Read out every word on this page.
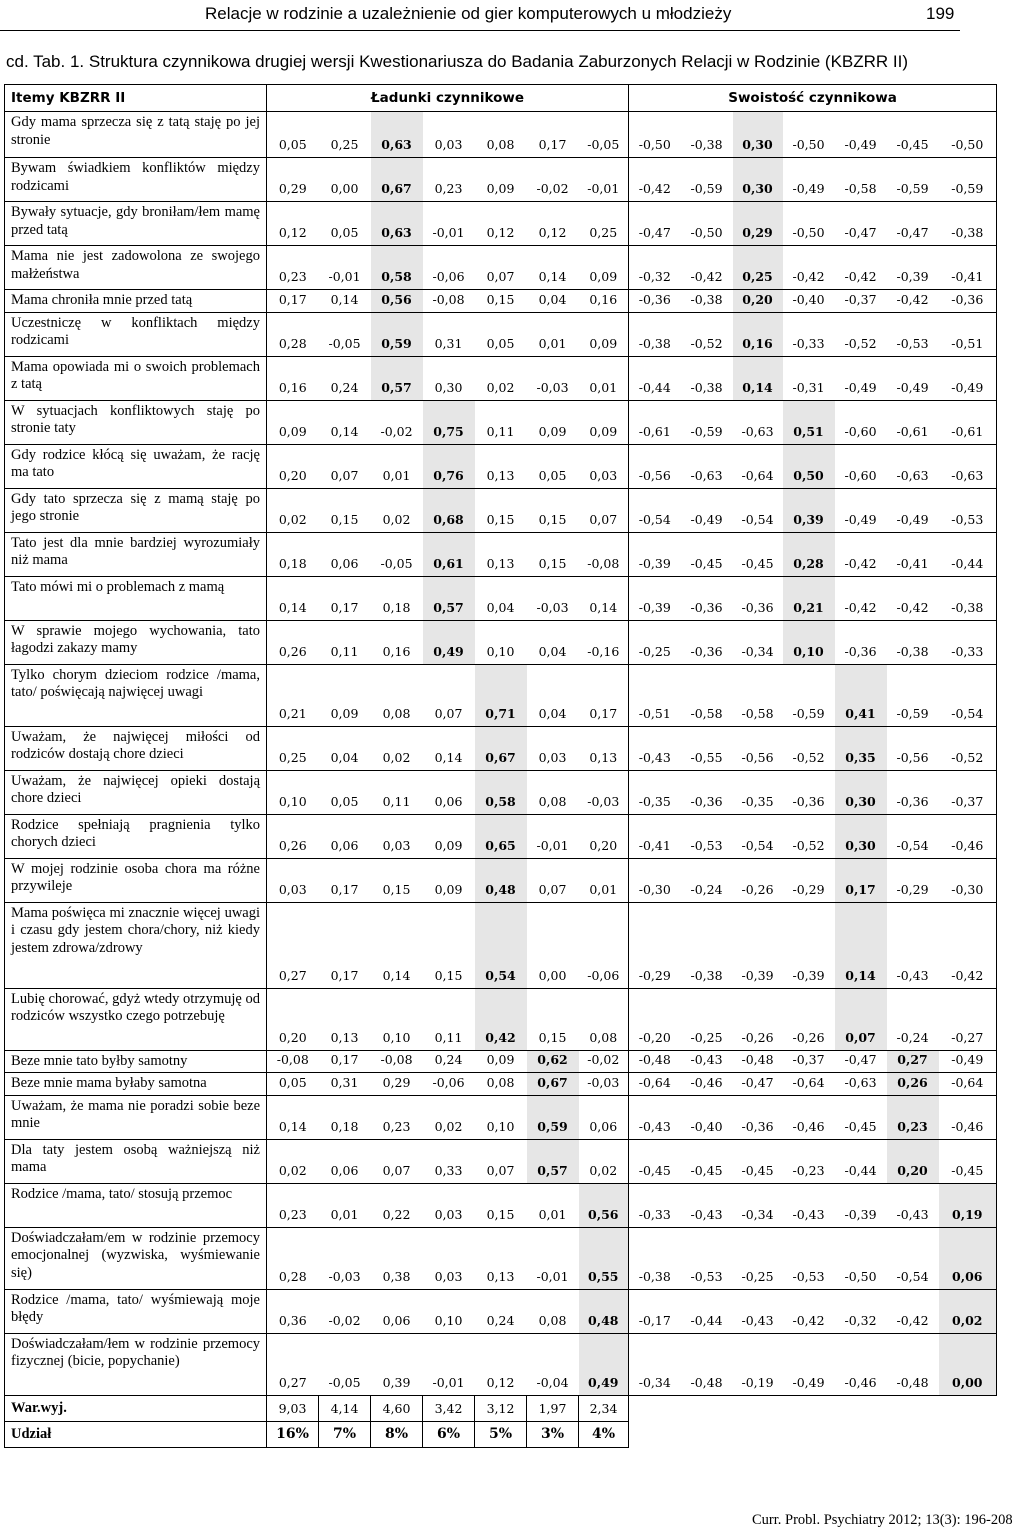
Relacje w rodzinie a uzależnienie od gier komputerowych u młodzieży	199
cd. Tab. 1. Struktura czynnikowa drugiej wersji Kwestionariusza do Badania Zaburzonych Relacji w Rodzinie (KBZRR II)
Itemy KBZRR II	Ładunki czynnikowe							Swoistość czynnikowa						
Gdy mama sprzecza się z tatą staję po jej stronie	0,05	0,25	0,63	0,03	0,08	0,17	-0,05	-0,50	-0,38	0,30	-0,50	-0,49	-0,45	-0,50
Bywam świadkiem konfliktów między rodzicami	0,29	0,00	0,67	0,23	0,09	-0,02	-0,01	-0,42	-0,59	0,30	-0,49	-0,58	-0,59	-0,59
Bywały sytuacje, gdy broniłam/łem mamę przed tatą	0,12	0,05	0,63	-0,01	0,12	0,12	0,25	-0,47	-0,50	0,29	-0,50	-0,47	-0,47	-0,38
Mama nie jest zadowolona ze swojego małżeństwa	0,23	-0,01	0,58	-0,06	0,07	0,14	0,09	-0,32	-0,42	0,25	-0,42	-0,42	-0,39	-0,41
Mama chroniła mnie przed tatą	0,17	0,14	0,56	-0,08	0,15	0,04	0,16	-0,36	-0,38	0,20	-0,40	-0,37	-0,42	-0,36
Uczestniczę w konfliktach między rodzicami	0,28	-0,05	0,59	0,31	0,05	0,01	0,09	-0,38	-0,52	0,16	-0,33	-0,52	-0,53	-0,51
Mama opowiada mi o swoich problemach z tatą	0,16	0,24	0,57	0,30	0,02	-0,03	0,01	-0,44	-0,38	0,14	-0,31	-0,49	-0,49	-0,49
W sytuacjach konfliktowych staję po stronie taty	0,09	0,14	-0,02	0,75	0,11	0,09	0,09	-0,61	-0,59	-0,63	0,51	-0,60	-0,61	-0,61
Gdy rodzice kłócą się uważam, że rację ma tato	0,20	0,07	0,01	0,76	0,13	0,05	0,03	-0,56	-0,63	-0,64	0,50	-0,60	-0,63	-0,63
Gdy tato sprzecza się z mamą staję po jego stronie	0,02	0,15	0,02	0,68	0,15	0,15	0,07	-0,54	-0,49	-0,54	0,39	-0,49	-0,49	-0,53
Tato jest dla mnie bardziej wyrozumiały niż mama	0,18	0,06	-0,05	0,61	0,13	0,15	-0,08	-0,39	-0,45	-0,45	0,28	-0,42	-0,41	-0,44
Tato mówi mi o problemach z mamą	0,14	0,17	0,18	0,57	0,04	-0,03	0,14	-0,39	-0,36	-0,36	0,21	-0,42	-0,42	-0,38
W sprawie mojego wychowania, tato łagodzi zakazy mamy	0,26	0,11	0,16	0,49	0,10	0,04	-0,16	-0,25	-0,36	-0,34	0,10	-0,36	-0,38	-0,33
Tylko chorym dzieciom rodzice /mama, tato/ poświęcają najwięcej uwagi	0,21	0,09	0,08	0,07	0,71	0,04	0,17	-0,51	-0,58	-0,58	-0,59	0,41	-0,59	-0,54
Uważam, że najwięcej miłości od rodziców dostają chore dzieci	0,25	0,04	0,02	0,14	0,67	0,03	0,13	-0,43	-0,55	-0,56	-0,52	0,35	-0,56	-0,52
Uważam, że najwięcej opieki dostają chore dzieci	0,10	0,05	0,11	0,06	0,58	0,08	-0,03	-0,35	-0,36	-0,35	-0,36	0,30	-0,36	-0,37
Rodzice spełniają pragnienia tylko chorych dzieci	0,26	0,06	0,03	0,09	0,65	-0,01	0,20	-0,41	-0,53	-0,54	-0,52	0,30	-0,54	-0,46
W mojej rodzinie osoba chora ma różne przywileje	0,03	0,17	0,15	0,09	0,48	0,07	0,01	-0,30	-0,24	-0,26	-0,29	0,17	-0,29	-0,30
Mama poświęca mi znacznie więcej uwagi i czasu gdy jestem chora/chory, niż kiedy jestem zdrowa/zdrowy	0,27	0,17	0,14	0,15	0,54	0,00	-0,06	-0,29	-0,38	-0,39	-0,39	0,14	-0,43	-0,42
Lubię chorować, gdyż wtedy otrzymuję od rodziców wszystko czego potrzebuję	0,20	0,13	0,10	0,11	0,42	0,15	0,08	-0,20	-0,25	-0,26	-0,26	0,07	-0,24	-0,27
Beze mnie tato byłby samotny	-0,08	0,17	-0,08	0,24	0,09	0,62	-0,02	-0,48	-0,43	-0,48	-0,37	-0,47	0,27	-0,49
Beze mnie mama byłaby samotna	0,05	0,31	0,29	-0,06	0,08	0,67	-0,03	-0,64	-0,46	-0,47	-0,64	-0,63	0,26	-0,64
Uważam, że mama nie poradzi sobie beze mnie	0,14	0,18	0,23	0,02	0,10	0,59	0,06	-0,43	-0,40	-0,36	-0,46	-0,45	0,23	-0,46
Dla taty jestem osobą ważniejszą niż mama	0,02	0,06	0,07	0,33	0,07	0,57	0,02	-0,45	-0,45	-0,45	-0,23	-0,44	0,20	-0,45
Rodzice /mama, tato/ stosują przemoc	0,23	0,01	0,22	0,03	0,15	0,01	0,56	-0,33	-0,43	-0,34	-0,43	-0,39	-0,43	0,19
Doświadczałam/em w rodzinie przemocy emocjonalnej (wyzwiska, wyśmiewanie się)	0,28	-0,03	0,38	0,03	0,13	-0,01	0,55	-0,38	-0,53	-0,25	-0,53	-0,50	-0,54	0,06
Rodzice /mama, tato/ wyśmiewają moje błędy	0,36	-0,02	0,06	0,10	0,24	0,08	0,48	-0,17	-0,44	-0,43	-0,42	-0,32	-0,42	0,02
Doświadczałam/łem w rodzinie przemocy fizycznej (bicie, popychanie)	0,27	-0,05	0,39	-0,01	0,12	-0,04	0,49	-0,34	-0,48	-0,19	-0,49	-0,46	-0,48	0,00
War.wyj.	9,03	4,14	4,60	3,42	3,12	1,97	2,34							
Udział	16%	7%	8%	6%	5%	3%	4%							
Curr. Probl. Psychiatry 2012; 13(3): 196-208
